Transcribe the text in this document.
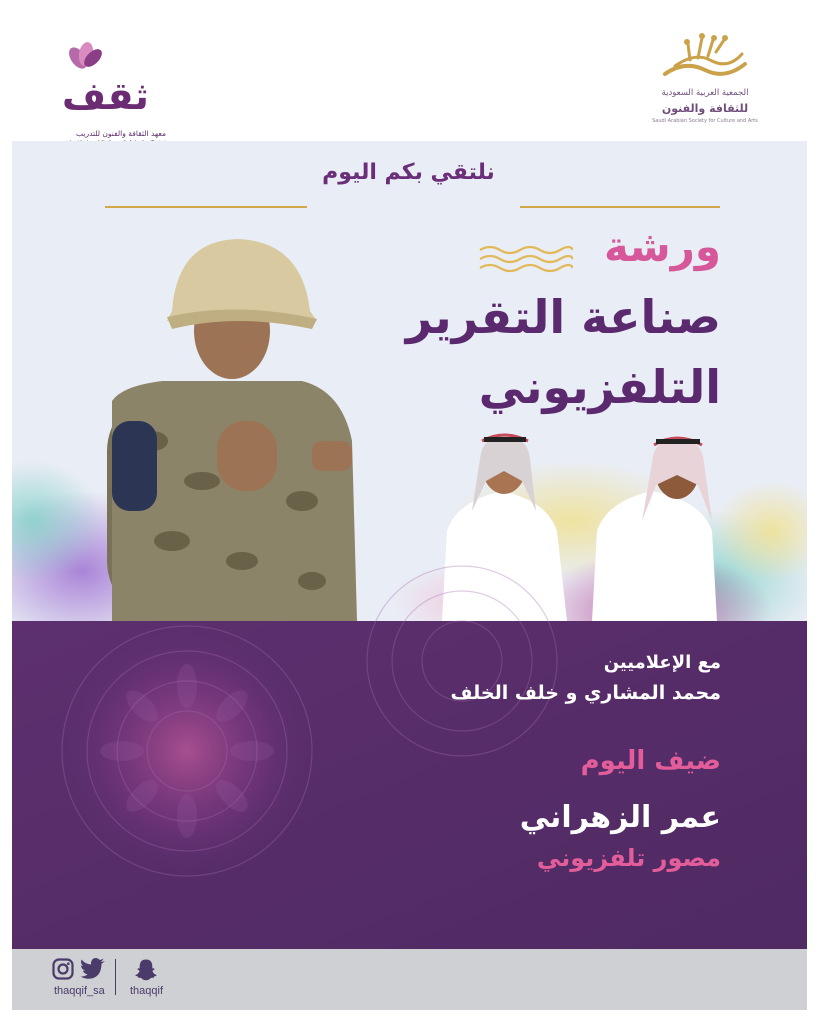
ثقف
معهد الثقافة والفنون للتدريب
الجمعية العربية السعودية
للثقافة والفنون
Saudi Arabian Society for Culture and Arts
نلتقي بكم اليوم
ورشة
صناعة التقرير
التلفزيوني
مع الإعلاميين
محمد المشاري و خلف الخلف
ضيف اليوم
عمر الزهراني
مصور تلفزيوني
thaqqif_sa thaqqif
